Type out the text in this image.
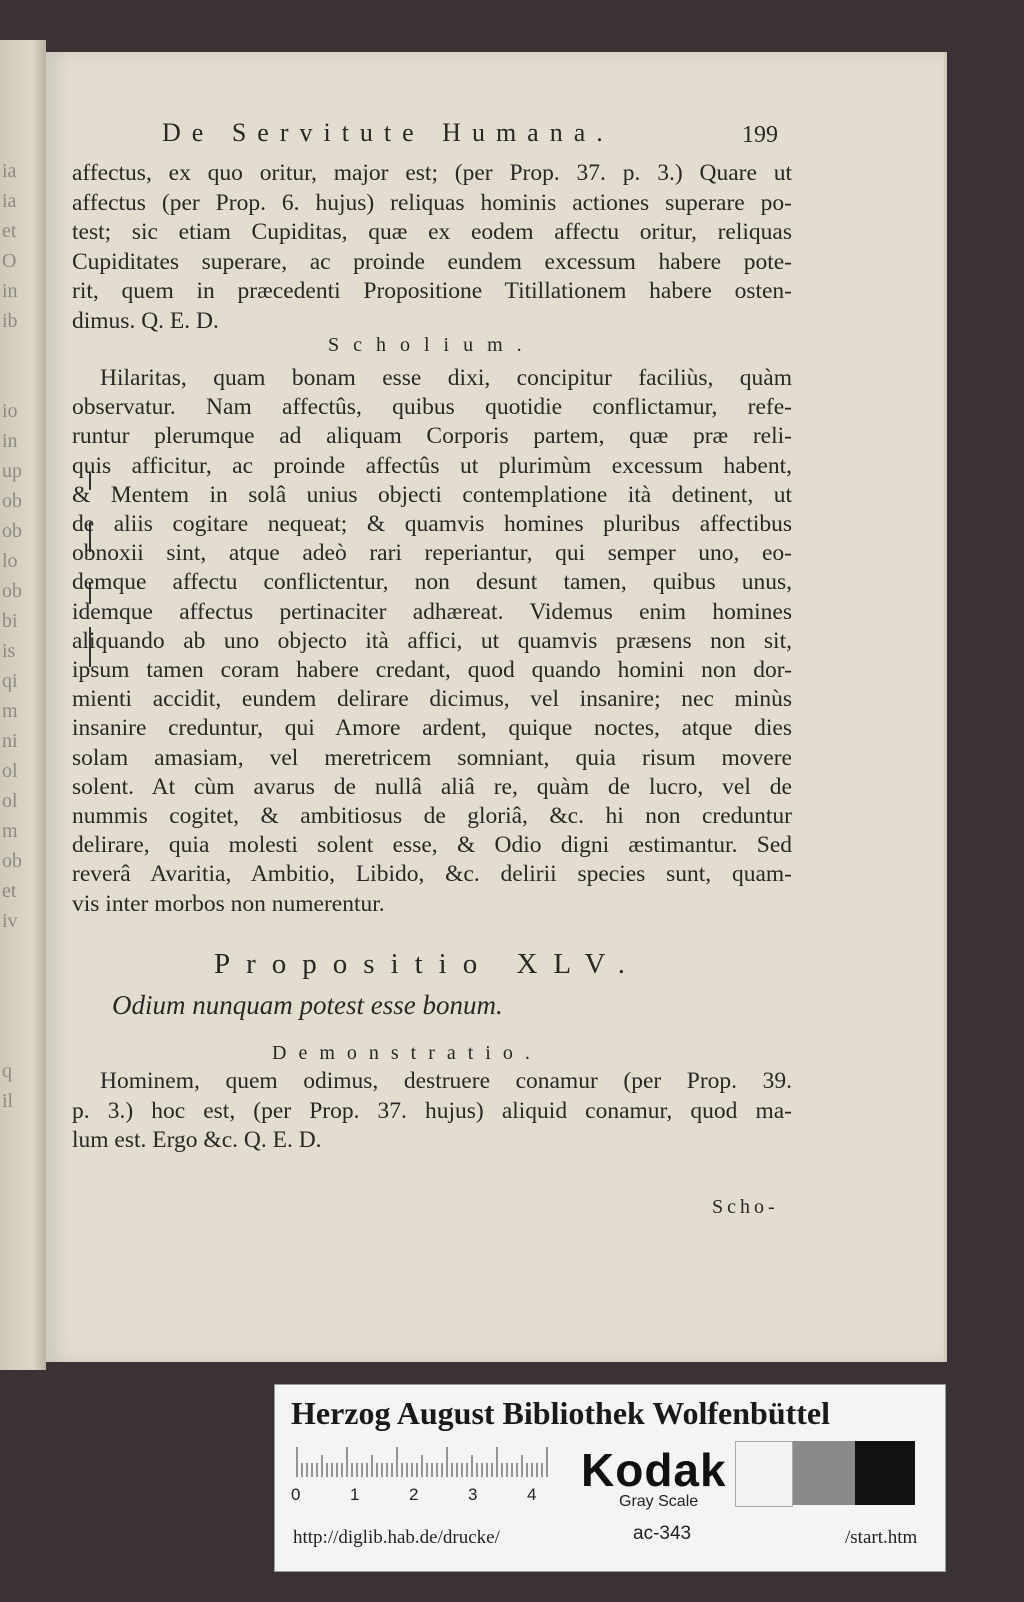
ia
ia
et
O
in
ib
io
in
up
ob
ob
lo
ob
bi
is
qi
m
ni
ol
ol
m
ob
et
iv
q
il
De Servitute Humana.	199
affectus, ex quo oritur, major est; (per Prop. 37. p. 3.) Quare ut
affectus (per Prop. 6. hujus) reliquas hominis actiones superare po-
test; sic etiam Cupiditas, quæ ex eodem affectu oritur, reliquas
Cupiditates superare, ac proinde eundem excessum habere pote-
rit, quem in præcedenti Propositione Titillationem habere osten-
dimus. Q. E. D.
Scholium.
Hilaritas, quam bonam esse dixi, concipitur faciliùs, quàm
observatur. Nam affectûs, quibus quotidie conflictamur, refe-
runtur plerumque ad aliquam Corporis partem, quæ præ reli-
quis afficitur, ac proinde affectûs ut plurimùm excessum habent,
& Mentem in solâ unius objecti contemplatione ità detinent, ut
de aliis cogitare nequeat; & quamvis homines pluribus affectibus
obnoxii sint, atque adeò rari reperiantur, qui semper uno, eo-
demque affectu conflictentur, non desunt tamen, quibus unus,
idemque affectus pertinaciter adhæreat. Videmus enim homines
aliquando ab uno objecto ità affici, ut quamvis præsens non sit,
ipsum tamen coram habere credant, quod quando homini non dor-
mienti accidit, eundem delirare dicimus, vel insanire; nec minùs
insanire creduntur, qui Amore ardent, quique noctes, atque dies
solam amasiam, vel meretricem somniant, quia risum movere
solent. At cùm avarus de nullâ aliâ re, quàm de lucro, vel de
nummis cogitet, & ambitiosus de gloriâ, &c. hi non creduntur
delirare, quia molesti solent esse, & Odio digni æstimantur. Sed
reverâ Avaritia, Ambitio, Libido, &c. delirii species sunt, quam-
vis inter morbos non numerentur.
Propositio XLV.
Odium nunquam potest esse bonum.
Demonstratio.
Hominem, quem odimus, destruere conamur (per Prop. 39.
p. 3.) hoc est, (per Prop. 37. hujus) aliquid conamur, quod ma-
lum est. Ergo &c. Q. E. D.
Scho-
Herzog August Bibliothek Wolfenbüttel
0	1	2	3	4 Kodak
Gray Scale
http://diglib.hab.de/drucke/	ac-343	/start.htm
